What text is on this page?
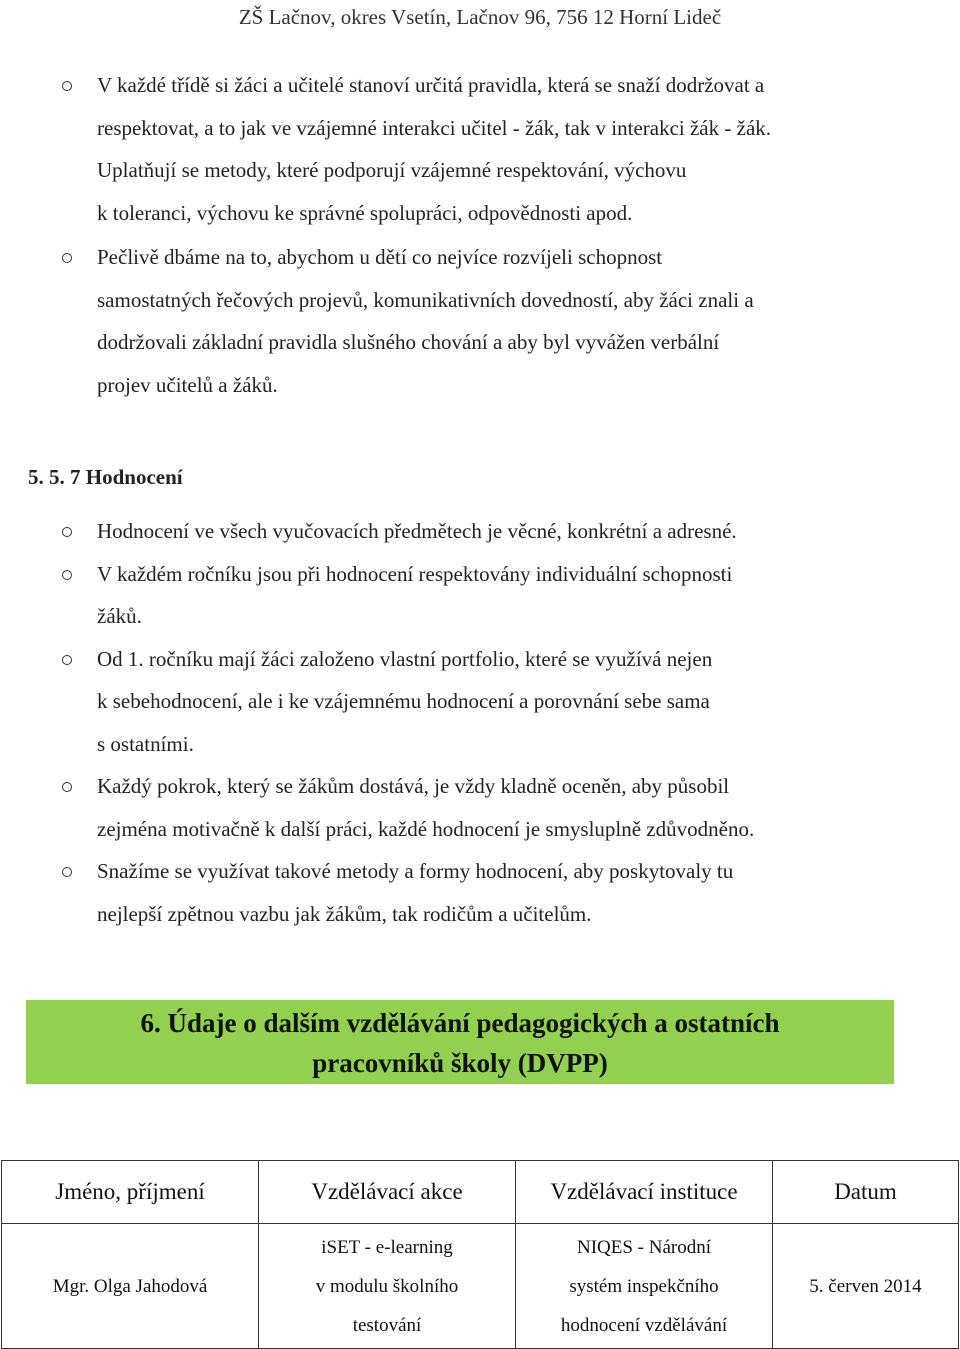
ZŠ Lačnov, okres Vsetín, Lačnov 96, 756 12 Horní Lideč
V každé třídě si žáci a učitelé stanoví určitá pravidla, která se snaží dodržovat a
respektovat, a to jak ve vzájemné interakci učitel - žák, tak v interakci žák - žák.
Uplatňují se metody, které podporují vzájemné respektování, výchovu
k toleranci, výchovu ke správné spolupráci, odpovědnosti apod.
Pečlivě dbáme na to, abychom u dětí co nejvíce rozvíjeli schopnost
samostatných řečových projevů, komunikativních dovedností, aby žáci znali a
dodržovali základní pravidla slušného chování a aby byl vyvážen verbální
projev učitelů a žáků.
5. 5. 7 Hodnocení
Hodnocení ve všech vyučovacích předmětech je věcné, konkrétní a adresné.
V každém ročníku jsou při hodnocení respektovány individuální schopnosti
žáků.
Od 1. ročníku mají žáci založeno vlastní portfolio, které se využívá nejen
k sebehodnocení, ale i ke vzájemnému hodnocení a porovnání sebe sama
s ostatními.
Každý pokrok, který se žákům dostává, je vždy kladně oceněn, aby působil
zejména motivačně k další práci, každé hodnocení je smysluplně zdůvodněno.
Snažíme se využívat takové metody a formy hodnocení, aby poskytovaly tu
nejlepší zpětnou vazbu jak žákům, tak rodičům a učitelům.
6. Údaje o dalším vzdělávání pedagogických a ostatních
pracovníků školy (DVPP)
Jméno, příjmení	Vzdělávací akce	Vzdělávací instituce	Datum
Mgr. Olga Jahodová	iSET - e-learning
v modulu školního
testování	NIQES - Národní
systém inspekčního
hodnocení vzdělávání	5. červen 2014
